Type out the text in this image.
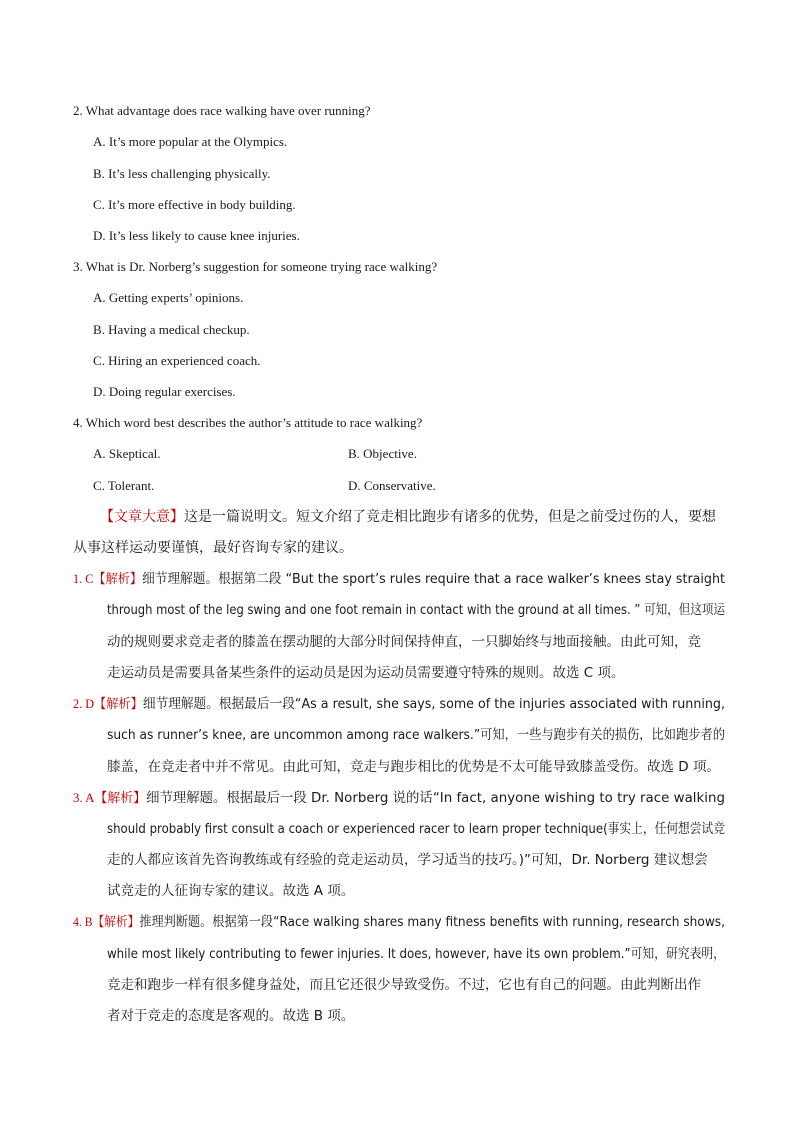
2. What advantage does race walking have over running?
A. It’s more popular at the Olympics.
B. It’s less challenging physically.
C. It’s more effective in body building.
D. It’s less likely to cause knee injuries.
3. What is Dr. Norberg’s suggestion for someone trying race walking?
A. Getting experts’ opinions.
B. Having a medical checkup.
C. Hiring an experienced coach.
D. Doing regular exercises.
4. Which word best describes the author’s attitude to race walking?
A. Skeptical.	B. Objective.
C. Tolerant.	D. Conservative.
【文章大意】这是一篇说明文。短文介绍了竞走相比跑步有诸多的优势，但是之前受过伤的人，要想
从事这样运动要谨慎，最好咨询专家的建议。
1. C【解析】细节理解题。根据第二段 “But the sport’s rules require that a race walker’s knees stay straight
through most of the leg swing and one foot remain in contact with the ground at all times. ” 可知，但这项运
动的规则要求竞走者的膝盖在摆动腿的大部分时间保持伸直，一只脚始终与地面接触。由此可知，竞
走运动员是需要具备某些条件的运动员是因为运动员需要遵守特殊的规则。故选 C 项。
2. D【解析】细节理解题。根据最后一段“As a result, she says, some of the injuries associated with running,
such as runner’s knee, are uncommon among race walkers.”可知，一些与跑步有关的损伤，比如跑步者的
膝盖，在竞走者中并不常见。由此可知，竞走与跑步相比的优势是不太可能导致膝盖受伤。故选 D 项。
3. A【解析】细节理解题。根据最后一段 Dr. Norberg 说的话“In fact, anyone wishing to try race walking
should probably first consult a coach or experienced racer to learn proper technique(事实上，任何想尝试竞
走的人都应该首先咨询教练或有经验的竞走运动员，学习适当的技巧。)”可知，Dr. Norberg 建议想尝
试竞走的人征询专家的建议。故选 A 项。
4. B【解析】推理判断题。根据第一段“Race walking shares many fitness benefits with running, research shows,
while most likely contributing to fewer injuries. It does, however, have its own problem.”可知，研究表明，
竞走和跑步一样有很多健身益处，而且它还很少导致受伤。不过，它也有自己的问题。由此判断出作
者对于竞走的态度是客观的。故选 B 项。
